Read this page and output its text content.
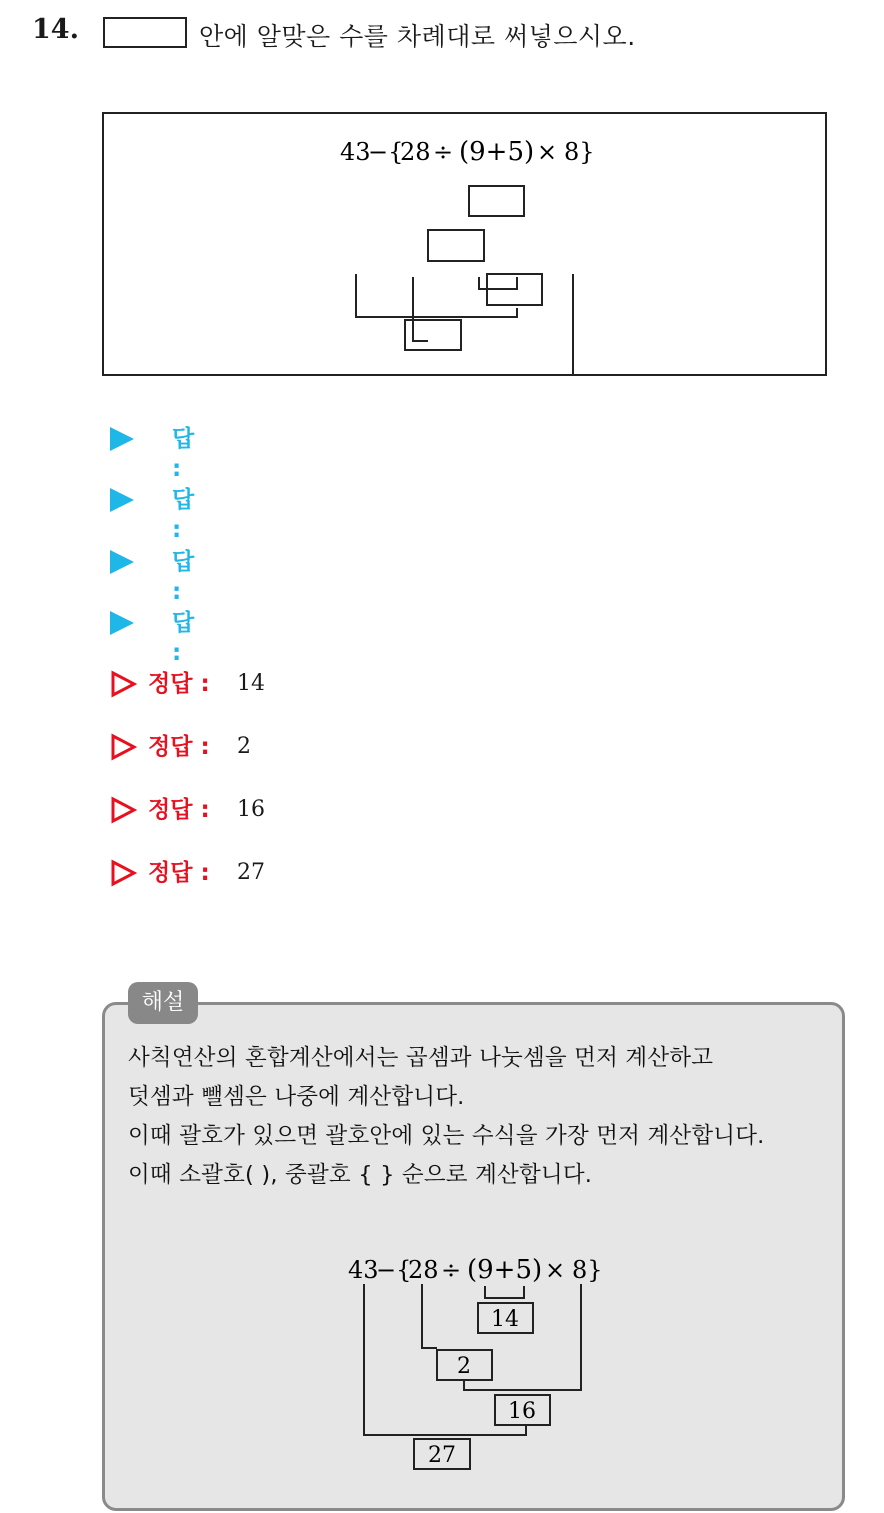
14.	안에 알맞은 수를 차례대로 써넣으시오.
43
−{
28 ÷ (9+5) × 8}
답 :
답 :
답 :
답 :
정답 : 14
정답 : 2
정답 : 16
정답 : 27
해설
사칙연산의 혼합계산에서는 곱셈과 나눗셈을 먼저 계산하고
덧셈과 뺄셈은 나중에 계산합니다.
이때 괄호가 있으면 괄호안에 있는 수식을 가장 먼저 계산합니다.
이때 소괄호( ), 중괄호 { } 순으로 계산합니다.
43
−{
28 ÷ (9+5) × 8}
14
2
16
27
